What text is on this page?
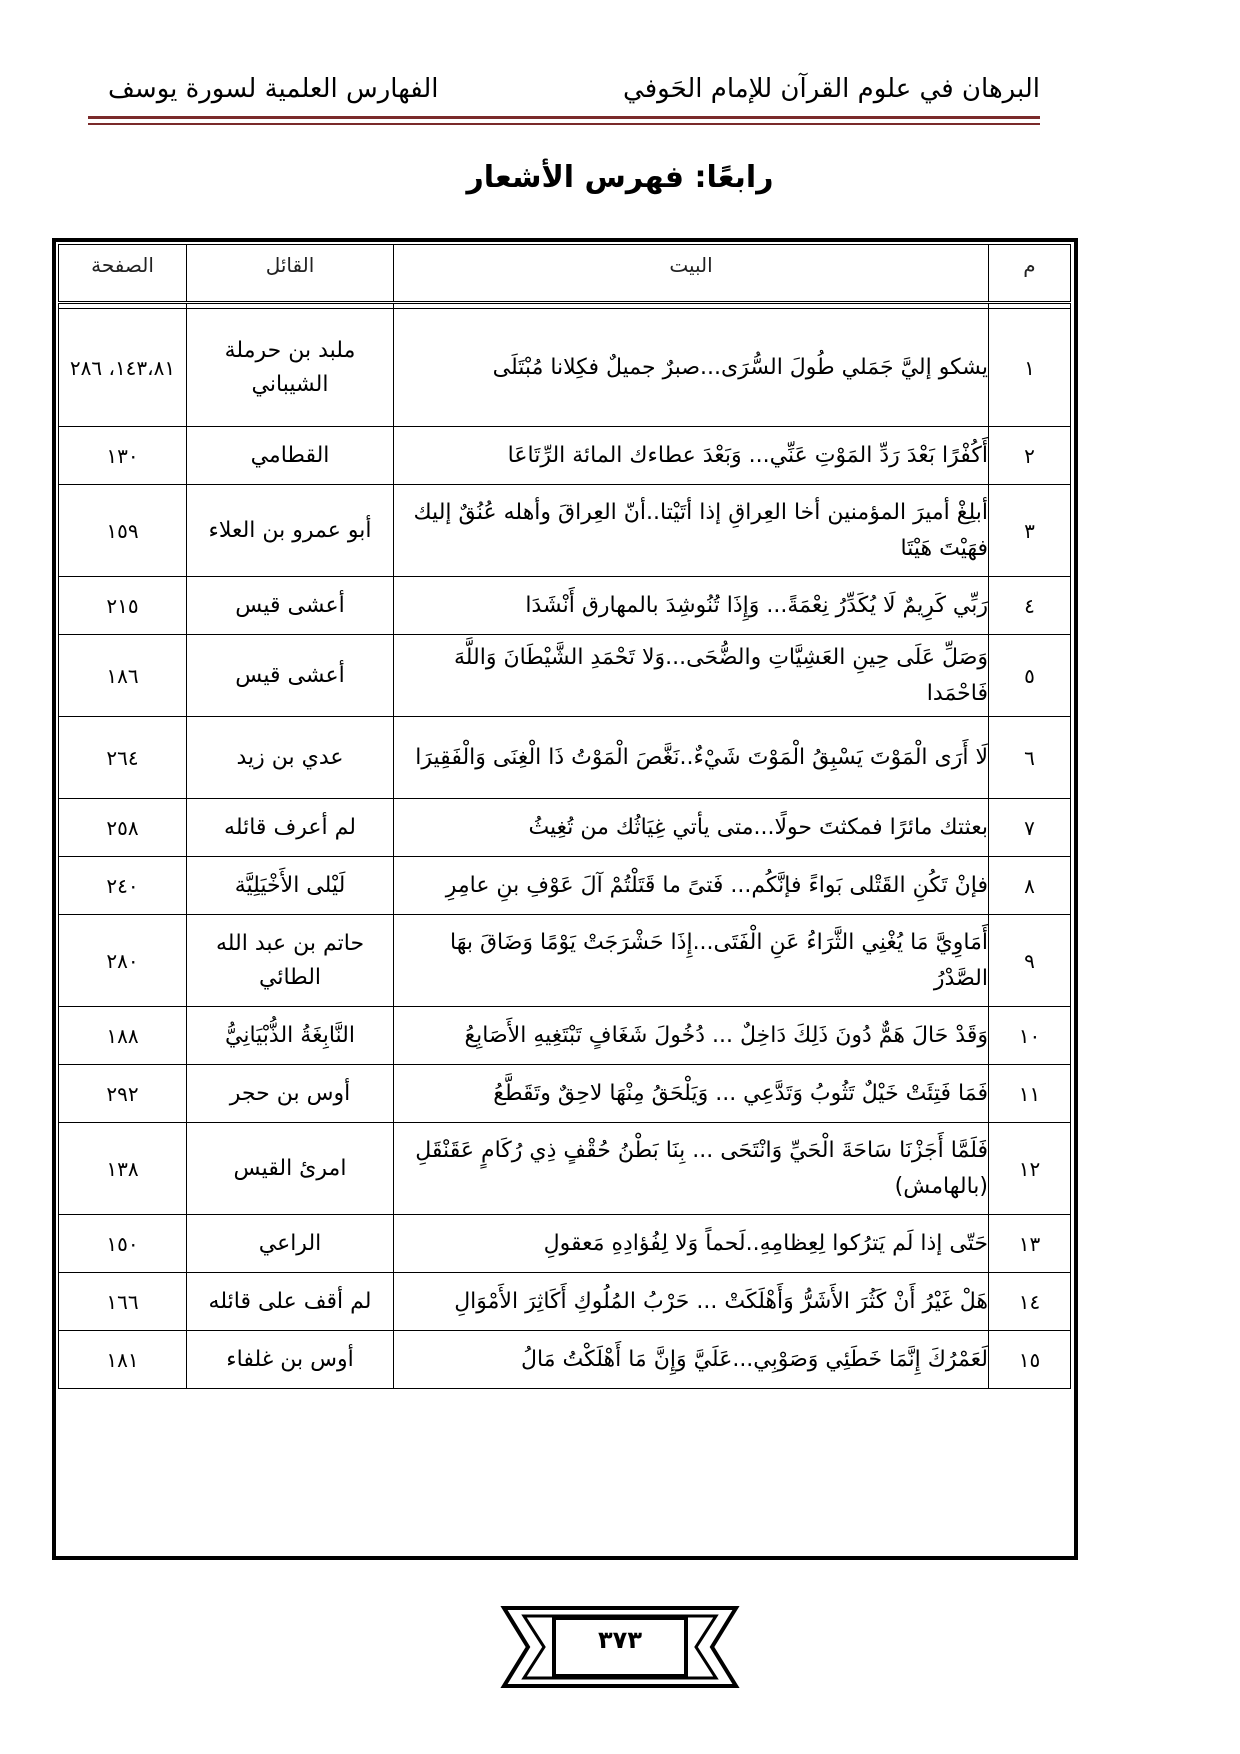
البرهان في علوم القرآن للإمام الحَوفي
الفهارس العلمية لسورة يوسف
رابعًا: فهرس الأشعار
م	البيت	القائل	الصفحة

١	يشكو إليَّ جَمَلي طُولَ السُّرَى...صبرٌ جميلٌ فكِلانا مُبْتَلَى	ملبد بن حرملة الشيباني	١٤٣،٨١، ٢٨٦
٢	أَكُفْرًا بَعْدَ رَدِّ المَوْتِ عَنِّي... وَبَعْدَ عطاءك المائة الرِّتَاعَا	القطامي	١٣٠
٣	أبلِغْ أميرَ المؤمنين أخا العِراقِ إذا أتَيْتا..أنّ العِراقَ وأهله عُنُقٌ إليك فهَيْتَ هَيْتَا	أبو عمرو بن العلاء	١٥٩
٤	رَبِّي كَرِيمٌ لَا يُكَدِّرُ نِعْمَةً... وَإِذَا تُنُوشِدَ بالمهارق أَنْشَدَا	أعشى قيس	٢١٥
٥	وَصَلِّ عَلَى حِينِ العَشِيَّاتِ والضُّحَى...وَلا تَحْمَدِ الشَّيْطَانَ وَاللَّهَ فَاحْمَدا	أعشى قيس	١٨٦
٦	لَا أَرَى الْمَوْتَ يَسْبِقُ الْمَوْتَ شَيْءٌ..نَغَّصَ الْمَوْتُ ذَا الْغِنَى وَالْفَقِيرَا	عدي بن زيد	٢٦٤
٧	بعثتك مائرًا فمكثتَ حولًا...متى يأتي غِيَاثُك من تُغِيثُ	لم أعرف قائله	٢٥٨
٨	فإنْ تَكُنِ القَتْلى بَواءً فإنَّكُم... فَتىً ما قَتَلْتُمْ آلَ عَوْفِ بنِ عامِرِ	لَيْلى الأَخْيَلِيَّة	٢٤٠
٩	أَمَاوِيَّ مَا يُغْنِي الثَّرَاءُ عَنِ الْفَتَى...إِذَا حَشْرَجَتْ يَوْمًا وَضَاقَ بهَا الصَّدْرُ	حاتم بن عبد الله الطائي	٢٨٠
١٠	وَقَدْ حَالَ هَمٌّ دُونَ ذَلِكَ دَاخِلٌ ... دُخُولَ شَغَافٍ تَبْتَغِيهِ الأَصَابِعُ	النَّابِغَةُ الذُّبْيَانِيُّ	١٨٨
١١	فَمَا فَتِئَتْ خَيْلٌ تَثُوبُ وَتَدَّعِي ... وَيَلْحَقُ مِنْهَا لاحِقٌ وتَقَطَّعُ	أوس بن حجر	٢٩٢
١٢	فَلَمَّا أَجَزْنَا سَاحَةَ الْحَيِّ وَانْتَحَى ... بِنَا بَطْنُ حُقْفٍ ذِي رُكَامٍ عَقَنْقَلِ (بالهامش)	امرئ القيس	١٣٨
١٣	حَتّى إذا لَم يَترُكوا لِعِظامِهِ..لَحماً وَلا لِفُؤادِهِ مَعقولِ	الراعي	١٥٠
١٤	هَلْ غَيْرُ أَنْ كَثُرَ الأَشَرُّ وَأَهْلَكَتْ ... حَرْبُ المُلُوكِ أَكَاثِرَ الأَمْوَالِ	لم أقف على قائله	١٦٦
١٥	لَعَمْرُكَ إِنَّمَا خَطَئِي وَصَوْبِي...عَلَيَّ وَإِنَّ مَا أَهْلَكْتُ مَالُ	أوس بن غلفاء	١٨١
٣٧٣
